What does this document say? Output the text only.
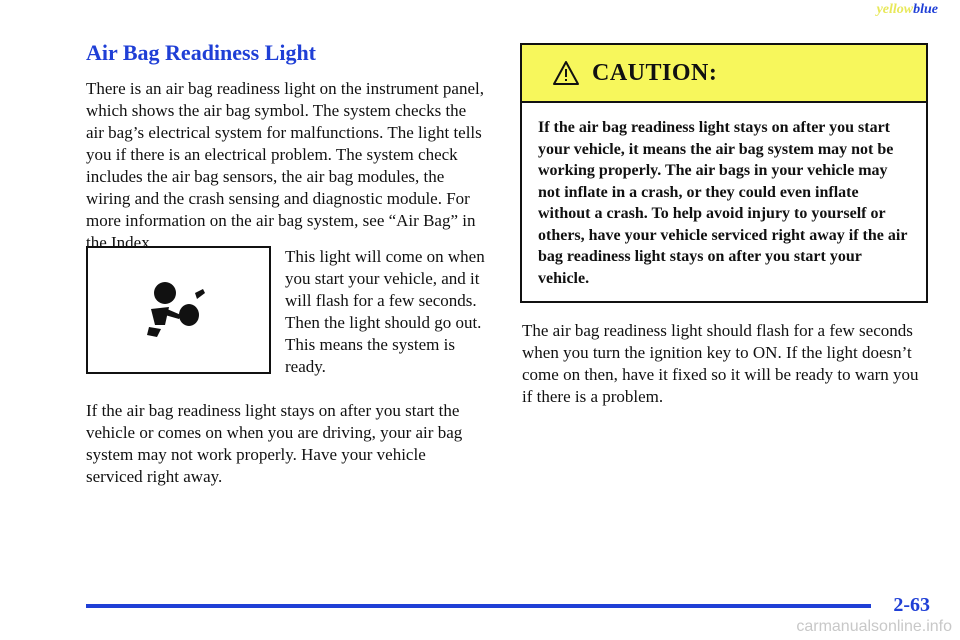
yellowblue
Air Bag Readiness Light

There is an air bag readiness light on the instrument panel, which shows the air bag symbol. The system checks the air bag’s electrical system for malfunctions. The light tells you if there is an electrical problem. The system check includes the air bag sensors, the air bag modules, the wiring and the crash sensing and diagnostic module. For more information on the air bag system, see “Air Bag” in the Index.

This light will come on when you start your vehicle, and it will flash for a few seconds. Then the light should go out. This means the system is ready.

If the air bag readiness light stays on after you start the vehicle or comes on when you are driving, your air bag system may not work properly. Have your vehicle serviced right away.

CAUTION:

If the air bag readiness light stays on after you start your vehicle, it means the air bag system may not be working properly. The air bags in your vehicle may not inflate in a crash, or they could even inflate without a crash. To help avoid injury to yourself or others, have your vehicle serviced right away if the air bag readiness light stays on after you start your vehicle.

The air bag readiness light should flash for a few seconds when you turn the ignition key to ON. If the light doesn’t come on then, have it fixed so it will be ready to warn you if there is a problem.

2-63
carmanualsonline.info
